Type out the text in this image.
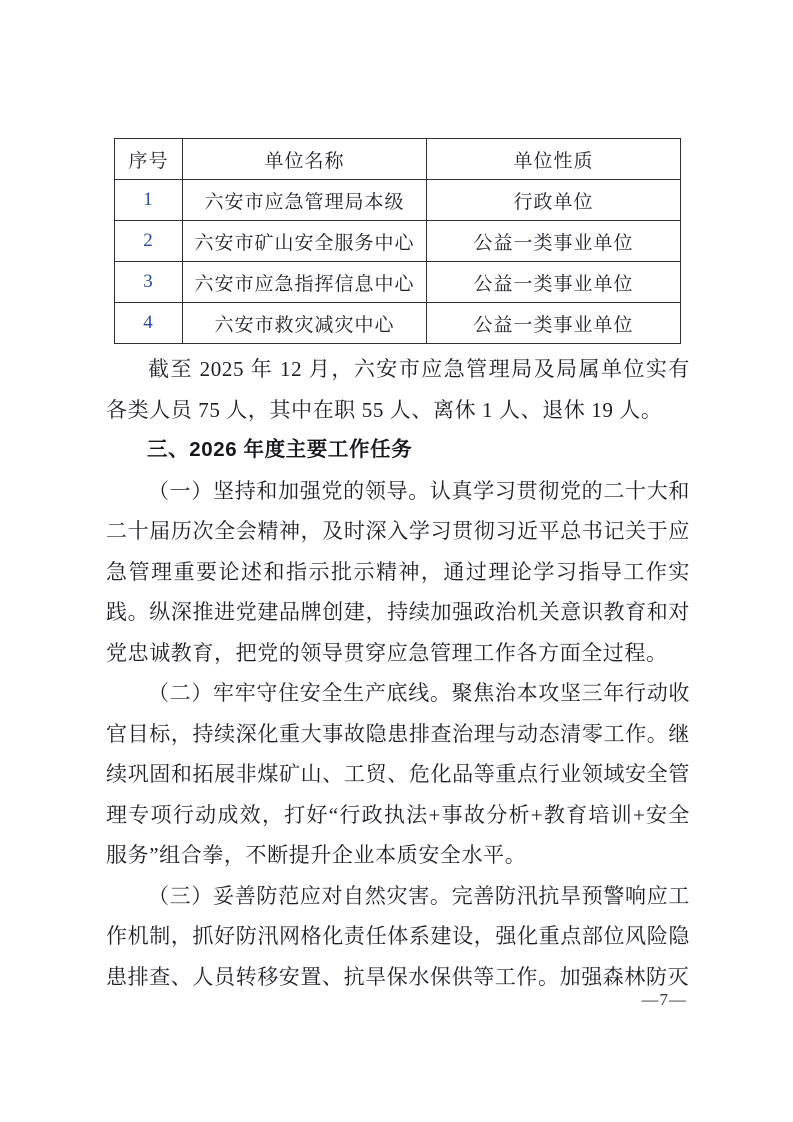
序号	单位名称	单位性质
1	六安市应急管理局本级	行政单位
2	六安市矿山安全服务中心	公益一类事业单位
3	六安市应急指挥信息中心	公益一类事业单位
4	六安市救灾减灾中心	公益一类事业单位

截至 2025 年 12 月，六安市应急管理局及局属单位实有各类人员 75 人，其中在职 55 人、离休 1 人、退休 19 人。

三、2026 年度主要工作任务

（一）坚持和加强党的领导。认真学习贯彻党的二十大和二十届历次全会精神，及时深入学习贯彻习近平总书记关于应急管理重要论述和指示批示精神，通过理论学习指导工作实践。纵深推进党建品牌创建，持续加强政治机关意识教育和对党忠诚教育，把党的领导贯穿应急管理工作各方面全过程。

（二）牢牢守住安全生产底线。聚焦治本攻坚三年行动收官目标，持续深化重大事故隐患排查治理与动态清零工作。继续巩固和拓展非煤矿山、工贸、危化品等重点行业领域安全管理专项行动成效，打好“行政执法+事故分析+教育培训+安全服务”组合拳，不断提升企业本质安全水平。

（三）妥善防范应对自然灾害。完善防汛抗旱预警响应工作机制，抓好防汛网格化责任体系建设，强化重点部位风险隐患排查、人员转移安置、抗旱保水保供等工作。加强森林防灭

—7—
